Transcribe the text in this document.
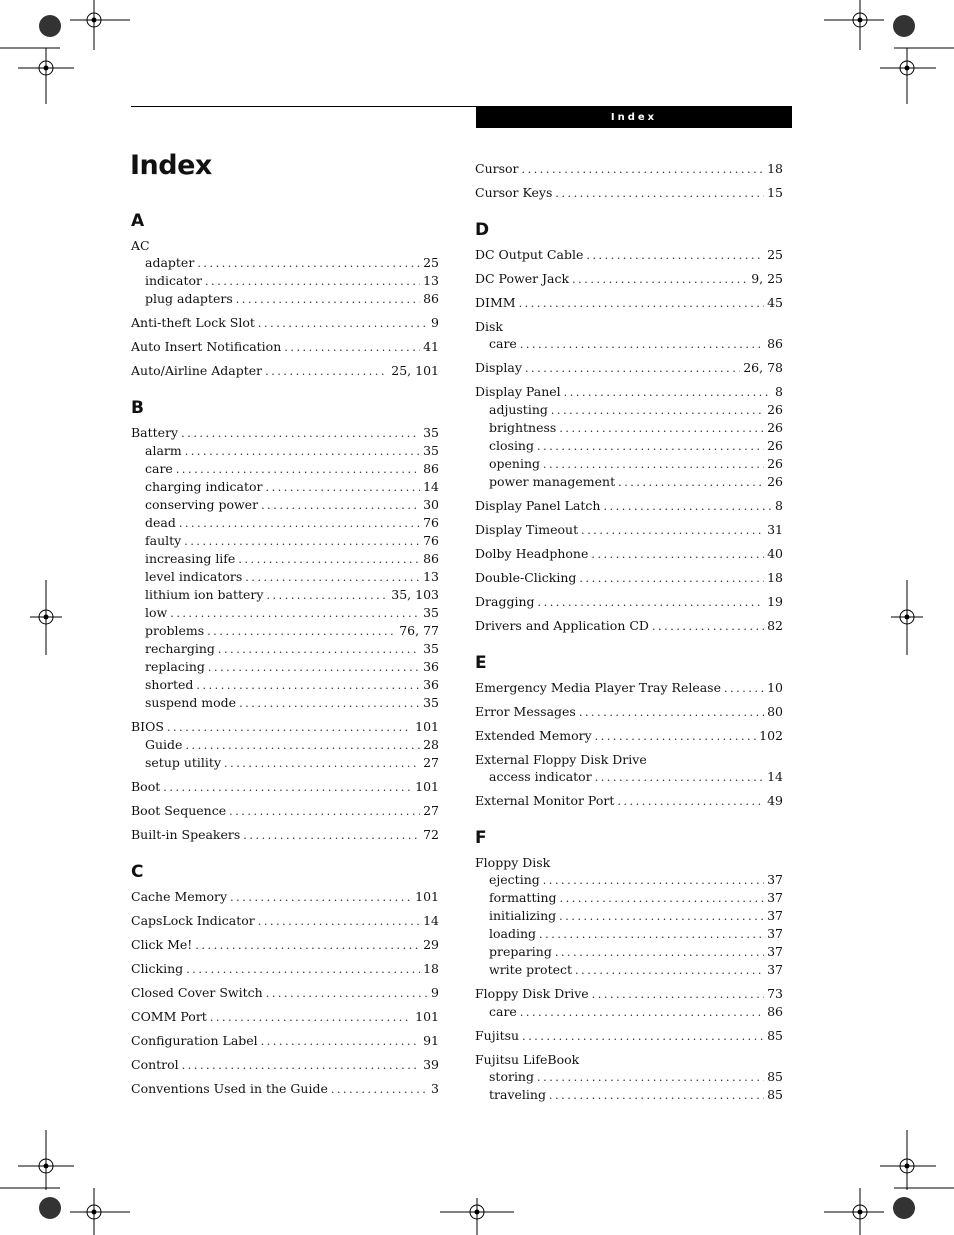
Index
Index
A
AC
adapter .....	25
indicator .....	13
plug adapters .....	86
Anti-theft Lock Slot .....	9
Auto Insert Notification .....	41
Auto/Airline Adapter .....	25, 101
B
Battery .....	35
alarm .....	35
care .....	86
charging indicator .....	14
conserving power .....	30
dead .....	76
faulty .....	76
increasing life .....	86
level indicators .....	13
lithium ion battery .....	35, 103
low .....	35
problems .....	76, 77
recharging .....	35
replacing .....	36
shorted .....	36
suspend mode .....	35
BIOS .....	101
Guide .....	28
setup utility .....	27
Boot .....	101
Boot Sequence .....	27
Built-in Speakers .....	72
C
Cache Memory .....	101
CapsLock Indicator .....	14
Click Me! .....	29
Clicking .....	18
Closed Cover Switch .....	9
COMM Port .....	101
Configuration Label .....	91
Control .....	39
Conventions Used in the Guide .....	3
Cursor .....	18
Cursor Keys .....	15
D
DC Output Cable .....	25
DC Power Jack .....	9, 25
DIMM .....	45
Disk
care .....	86
Display .....	26, 78
Display Panel .....	8
adjusting .....	26
brightness .....	26
closing .....	26
opening .....	26
power management .....	26
Display Panel Latch .....	8
Display Timeout .....	31
Dolby Headphone .....	40
Double-Clicking .....	18
Dragging .....	19
Drivers and Application CD .....	82
E
Emergency Media Player Tray Release .....	10
Error Messages .....	80
Extended Memory .....	102
External Floppy Disk Drive
access indicator .....	14
External Monitor Port .....	49
F
Floppy Disk
ejecting .....	37
formatting .....	37
initializing .....	37
loading .....	37
preparing .....	37
write protect .....	37
Floppy Disk Drive .....	73
care .....	86
Fujitsu .....	85
Fujitsu LifeBook
storing .....	85
traveling .....	85
